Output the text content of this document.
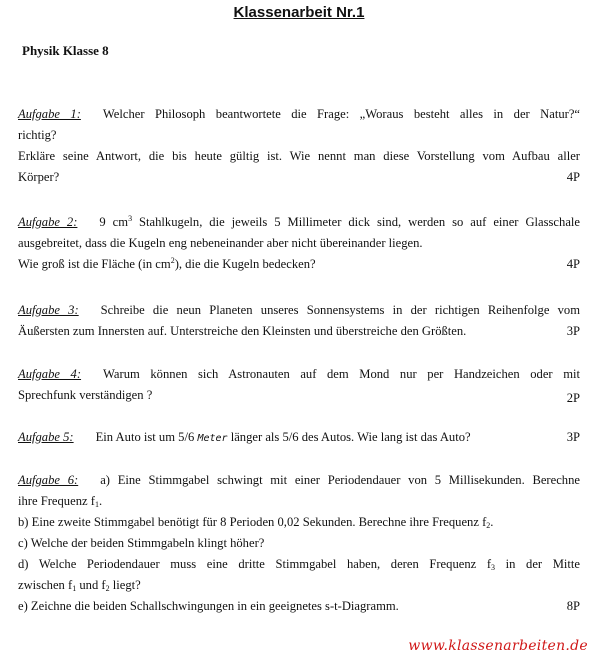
Klassenarbeit Nr.1
Physik Klasse 8
Aufgabe 1: Welcher Philosoph beantwortete die Frage: „Woraus besteht alles in der Natur?“
richtig?
Erkläre seine Antwort, die bis heute gültig ist. Wie nennt man diese Vorstellung vom Aufbau aller
Körper?	4P
Aufgabe 2: 9 $cm^3$ Stahlkugeln, die jeweils 5 Millimeter dick sind, werden so auf einer Glasschale
ausgebreitet, dass die Kugeln eng nebeneinander aber nicht übereinander liegen.
Wie groß ist die Fläche (in $cm^2$), die die Kugeln bedecken?	4P
Aufgabe 3: Schreibe die neun Planeten unseres Sonnensystems in der richtigen Reihenfolge vom
Äußersten zum Innersten auf. Unterstreiche den Kleinsten und überstreiche den Größten.	3P
Aufgabe 4: Warum können sich Astronauten auf dem Mond nur per Handzeichen oder mit
Sprechfunk verständigen ?	2P
Aufgabe 5: Ein Auto ist um 5/6 Meter länger als 5/6 des Autos. Wie lang ist das Auto?	3P
Aufgabe 6: a) Eine Stimmgabel schwingt mit einer Periodendauer von 5 Millisekunden. Berechne
ihre Frequenz $f_1$.
b) Eine zweite Stimmgabel benötigt für 8 Perioden 0,02 Sekunden. Berechne ihre Frequenz $f_2$.
c) Welche der beiden Stimmgabeln klingt höher?
d) Welche Periodendauer muss eine dritte Stimmgabel haben, deren Frequenz $f_3$ in der Mitte
zwischen $f_1$ und $f_2$ liegt?
e) Zeichne die beiden Schallschwingungen in ein geeignetes s-t-Diagramm.	8P
www.klassenarbeiten.de
